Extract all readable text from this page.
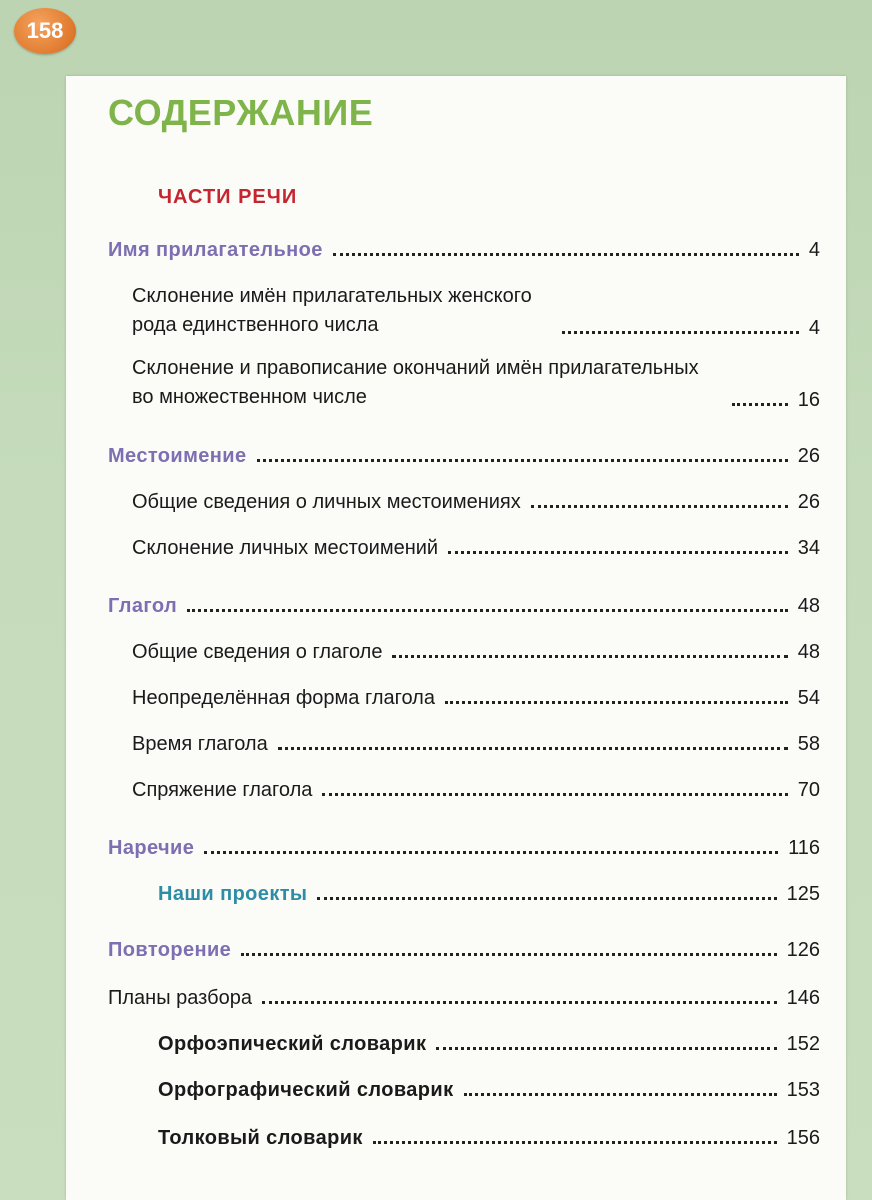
158
СОДЕРЖАНИЕ
ЧАСТИ РЕЧИ
Имя прилагательное	4
Склонение имён прилагательных женского рода единственного числа	4
Склонение и правописание окончаний имён прилагательных во множественном числе	16
Местоимение	26
Общие сведения о личных местоимениях	26
Склонение личных местоимений	34
Глагол	48
Общие сведения о глаголе	48
Неопределённая форма глагола	54
Время глагола	58
Спряжение глагола	70
Наречие	116
Наши проекты	125
Повторение	126
Планы разбора	146
Орфоэпический словарик	152
Орфографический словарик	153
Толковый словарик	156
